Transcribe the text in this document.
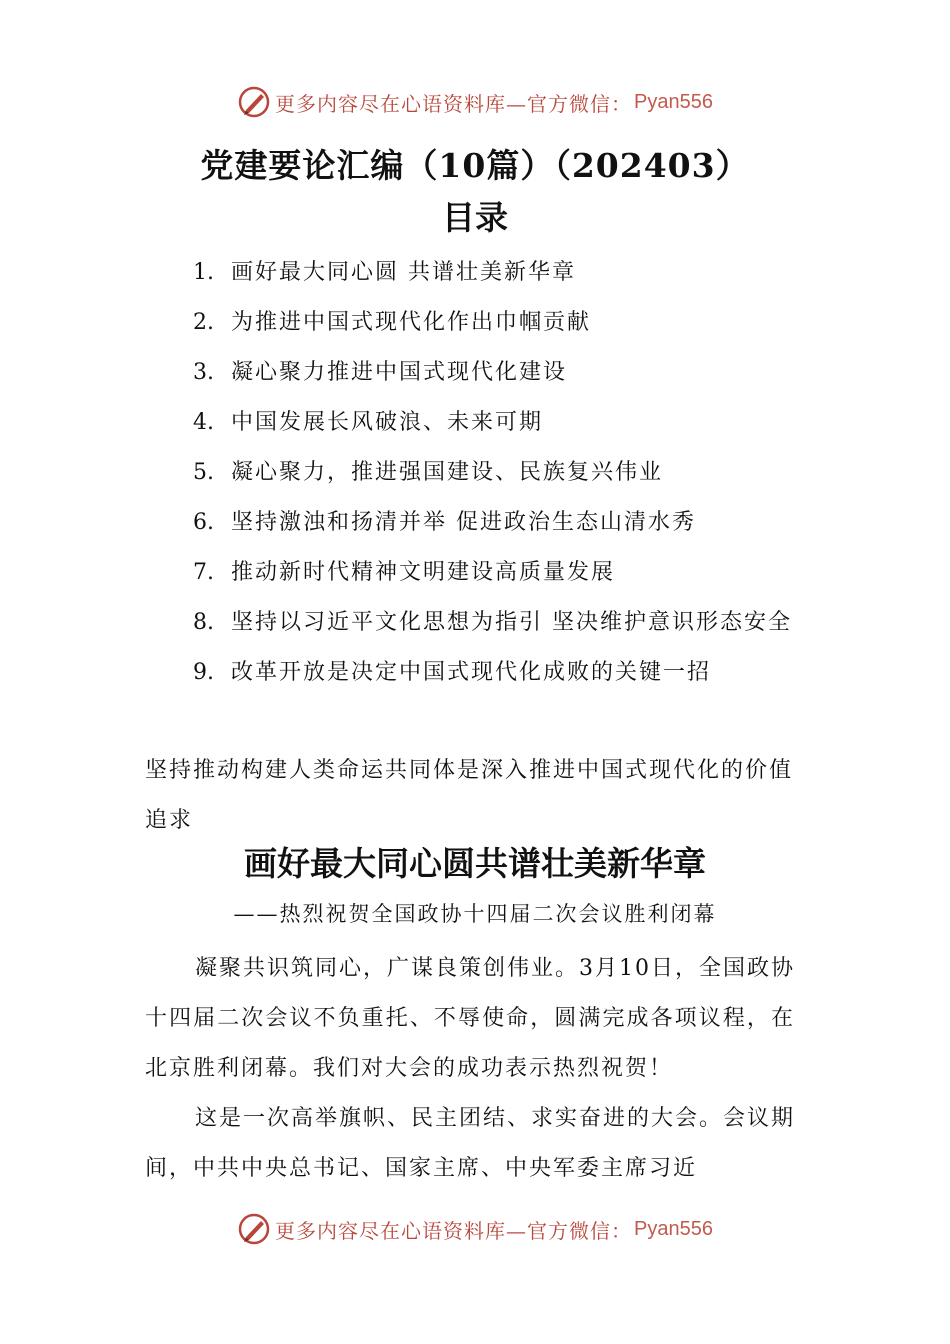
更多内容尽在心语资料库—官方微信： Pyan556
党建要论汇编（10篇）（202403）
目录
1. 画好最大同心圆 共谱壮美新华章
2. 为推进中国式现代化作出巾帼贡献
3. 凝心聚力推进中国式现代化建设
4. 中国发展长风破浪、未来可期
5. 凝心聚力，推进强国建设、民族复兴伟业
6. 坚持激浊和扬清并举 促进政治生态山清水秀
7. 推动新时代精神文明建设高质量发展
8. 坚持以习近平文化思想为指引 坚决维护意识形态安全
9. 改革开放是决定中国式现代化成败的关键一招

坚持推动构建人类命运共同体是深入推进中国式现代化的价值追求

画好最大同心圆共谱壮美新华章

——热烈祝贺全国政协十四届二次会议胜利闭幕

凝聚共识筑同心，广谋良策创伟业。3月10日，全国政协十四届二次会议不负重托、不辱使命，圆满完成各项议程，在北京胜利闭幕。我们对大会的成功表示热烈祝贺！

这是一次高举旗帜、民主团结、求实奋进的大会。会议期间，中共中央总书记、国家主席、中央军委主席习近

更多内容尽在心语资料库—官方微信： Pyan556
